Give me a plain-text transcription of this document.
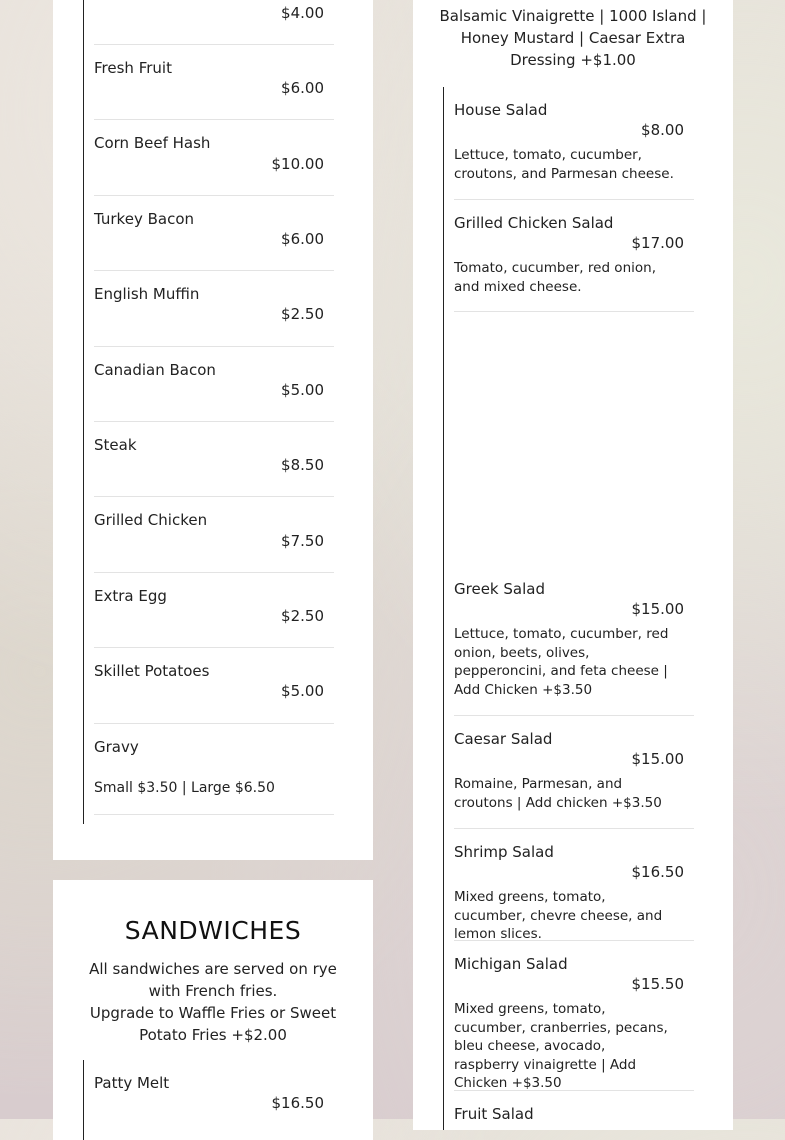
$4.00
Fresh Fruit
$6.00
Corn Beef Hash
$10.00
Turkey Bacon
$6.00
English Muffin
$2.50
Canadian Bacon
$5.00
Steak
$8.50
Grilled Chicken
$7.50
Extra Egg
$2.50
Skillet Potatoes
$5.00
Gravy
Small $3.50 | Large $6.50
SANDWICHES
All sandwiches are served on rye with French fries.
Upgrade to Waffle Fries or Sweet Potato Fries +$2.00
Patty Melt
$16.50
Balsamic Vinaigrette | 1000 Island | Honey Mustard | Caesar Extra Dressing +$1.00
House Salad
$8.00
Lettuce, tomato, cucumber, croutons, and Parmesan cheese.
Grilled Chicken Salad
$17.00
Tomato, cucumber, red onion, and mixed cheese.
Greek Salad
$15.00
Lettuce, tomato, cucumber, red onion, beets, olives, pepperoncini, and feta cheese | Add Chicken +$3.50
Caesar Salad
$15.00
Romaine, Parmesan, and croutons | Add chicken +$3.50
Shrimp Salad
$16.50
Mixed greens, tomato, cucumber, chevre cheese, and lemon slices.
Michigan Salad
$15.50
Mixed greens, tomato, cucumber, cranberries, pecans, bleu cheese, avocado, raspberry vinaigrette | Add Chicken +$3.50
Fruit Salad
